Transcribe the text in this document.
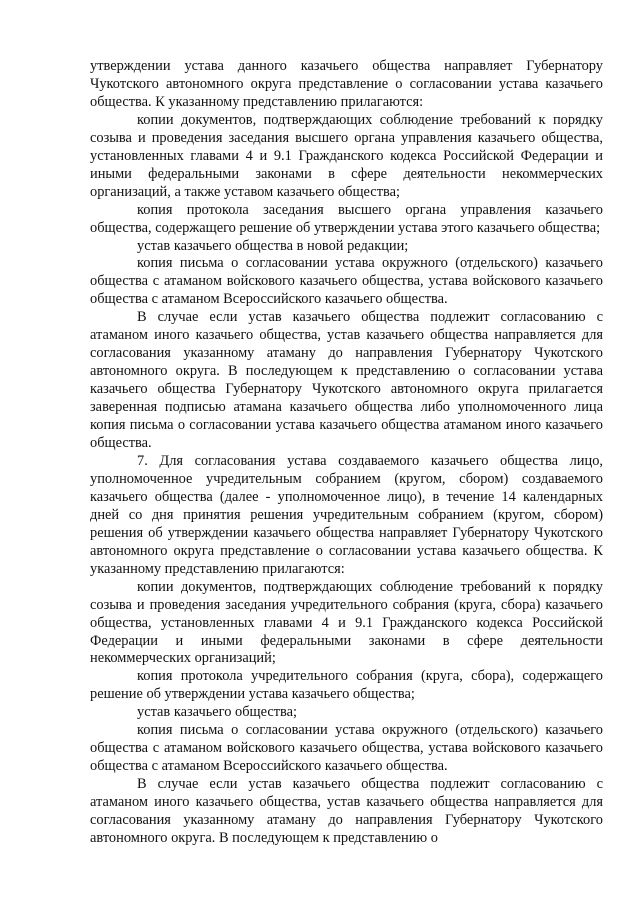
утверждении устава данного казачьего общества направляет Губернатору Чукотского автономного округа представление о согласовании устава казачьего общества. К указанному представлению прилагаются:

копии документов, подтверждающих соблюдение требований к порядку созыва и проведения заседания высшего органа управления казачьего общества, установленных главами 4 и 9.1 Гражданского кодекса Российской Федерации и иными федеральными законами в сфере деятельности некоммерческих организаций, а также уставом казачьего общества;

копия протокола заседания высшего органа управления казачьего общества, содержащего решение об утверждении устава этого казачьего общества;

устав казачьего общества в новой редакции;

копия письма о согласовании устава окружного (отдельского) казачьего общества с атаманом войскового казачьего общества, устава войскового казачьего общества с атаманом Всероссийского казачьего общества.

В случае если устав казачьего общества подлежит согласованию с атаманом иного казачьего общества, устав казачьего общества направляется для согласования указанному атаману до направления Губернатору Чукотского автономного округа. В последующем к представлению о согласовании устава казачьего общества Губернатору Чукотского автономного округа прилагается заверенная подписью атамана казачьего общества либо уполномоченного лица копия письма о согласовании устава казачьего общества атаманом иного казачьего общества.

7. Для согласования устава создаваемого казачьего общества лицо, уполномоченное учредительным собранием (кругом, сбором) создаваемого казачьего общества (далее - уполномоченное лицо), в течение 14 календарных дней со дня принятия решения учредительным собранием (кругом, сбором) решения об утверждении казачьего общества направляет Губернатору Чукотского автономного округа представление о согласовании устава казачьего общества. К указанному представлению прилагаются:

копии документов, подтверждающих соблюдение требований к порядку созыва и проведения заседания учредительного собрания (круга, сбора) казачьего общества, установленных главами 4 и 9.1 Гражданского кодекса Российской Федерации и иными федеральными законами в сфере деятельности некоммерческих организаций;

копия протокола учредительного собрания (круга, сбора), содержащего решение об утверждении устава казачьего общества;

устав казачьего общества;

копия письма о согласовании устава окружного (отдельского) казачьего общества с атаманом войскового казачьего общества, устава войскового казачьего общества с атаманом Всероссийского казачьего общества.

В случае если устав казачьего общества подлежит согласованию с атаманом иного казачьего общества, устав казачьего общества направляется для согласования указанному атаману до направления Губернатору Чукотского автономного округа. В последующем к представлению о
